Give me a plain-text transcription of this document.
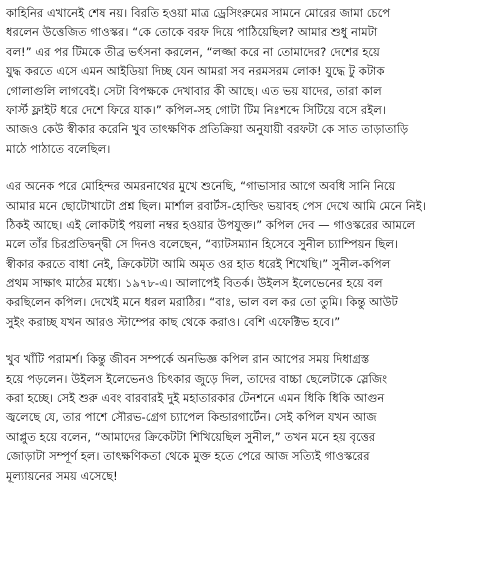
কাহিনির এখানেই শেষ নয়। বিরতি হওয়া মাত্র ড্রেসিংরুমের সামনে মোরের জামা চেপে
ধরলেন উত্তেজিত গাওস্কর। “কে তোকে বরফ দিয়ে পাঠিয়েছিল? আমার শুধু নামটা
বল!” এর পর টিমকে তীব্র ভর্ৎসনা করলেন, “লজ্জা করে না তোমাদের? দেশের হয়ে
যুদ্ধ করতে এসে এমন আইডিয়া দিচ্ছ যেন আমরা সব নরমসরম লোক! যুদ্ধে টু কটাক
গোলাগুলি লাগবেই। সেটা বিপক্ষকে দেখাবার কী আছে। এত ভয় যাদের, তারা কাল
ফার্স্ট ফ্লাইট ধরে দেশে ফিরে যাক।” কপিল-সহ গোটা টিম নিঃশব্দে সিটিয়ে বসে রইল।
আজও কেউ স্বীকার করেনি খুব তাৎক্ষণিক প্রতিক্রিয়া অনুযায়ী বরফটা কে সাত তাড়াতাড়ি
মাঠে পাঠাতে বলেছিল।
এর অনেক পরে মোহিন্দর অমরনাথের মুখে শুনেছি, “গাভাসার আগে অবধি সানি নিয়ে
আমার মনে ছোটোখাটো প্রশ্ন ছিল। মার্শাল রবার্টস-হোল্ডিং ভয়াবহ পেস দেখে আমি মেনে নিই।
ঠিকই আছে। এই লোকটাই পয়লা নম্বর হওয়ার উপযুক্ত।” কপিল দেব — গাওস্করের আমলে
মলে তাঁর চিরপ্রতিদ্বন্দ্বী সে দিনও বলেছেন, “ব্যাটসম্যান হিসেবে সুনীল চ্যাম্পিয়ন ছিল।
স্বীকার করতে বাধা নেই, ক্রিকেটটা আমি অমৃত ওর হাত ধরেই শিখেছি।” সুনীল-কপিল
প্রথম সাক্ষাৎ মাঠের মধ্যে। ১৯৭৮-এ। আলাপেই বিতর্ক। উইলস ইলেভেনের হয়ে বল
করছিলেন কপিল। দেখেই মনে ধরল মরাঠির। “বাঃ, ভাল বল কর তো তুমি। কিন্তু আউট
সুইং করাচ্ছ যখন আরও স্টাম্পের কাছ থেকে করাও। বেশি এফেক্টিভ হবে।”
খুব খাঁটি পরামর্শ। কিন্তু জীবন সম্পর্কে অনভিজ্ঞ কপিল রান আপের সময় দিধাগ্রস্ত
হয়ে পড়লেন। উইলস ইলেভেনও চিৎকার জুড়ে দিল, তাদের বাচ্চা ছেলেটাকে স্লেজিং
করা হচ্ছে। সেই শুরু এবং বারবারই দুই মহাতারকার টেনশনে এমন ধিকি ধিকি আগুন
জ্বলেছে যে, তার পাশে সৌরভ-গ্রেগ চ্যাপেল কিন্ডারগার্টেন। সেই কপিল যখন আজ
আপ্লুত হয়ে বলেন, “আমাদের ক্রিকেটটা শিখিয়েছিল সুনীল,” তখন মনে হয় বৃত্তের
জোড়াটা সম্পূর্ণ হল। তাৎক্ষণিকতা থেকে মুক্ত হতে পেরে আজ সত্যিই গাওস্করের
মূল্যায়নের সময় এসেছে!
